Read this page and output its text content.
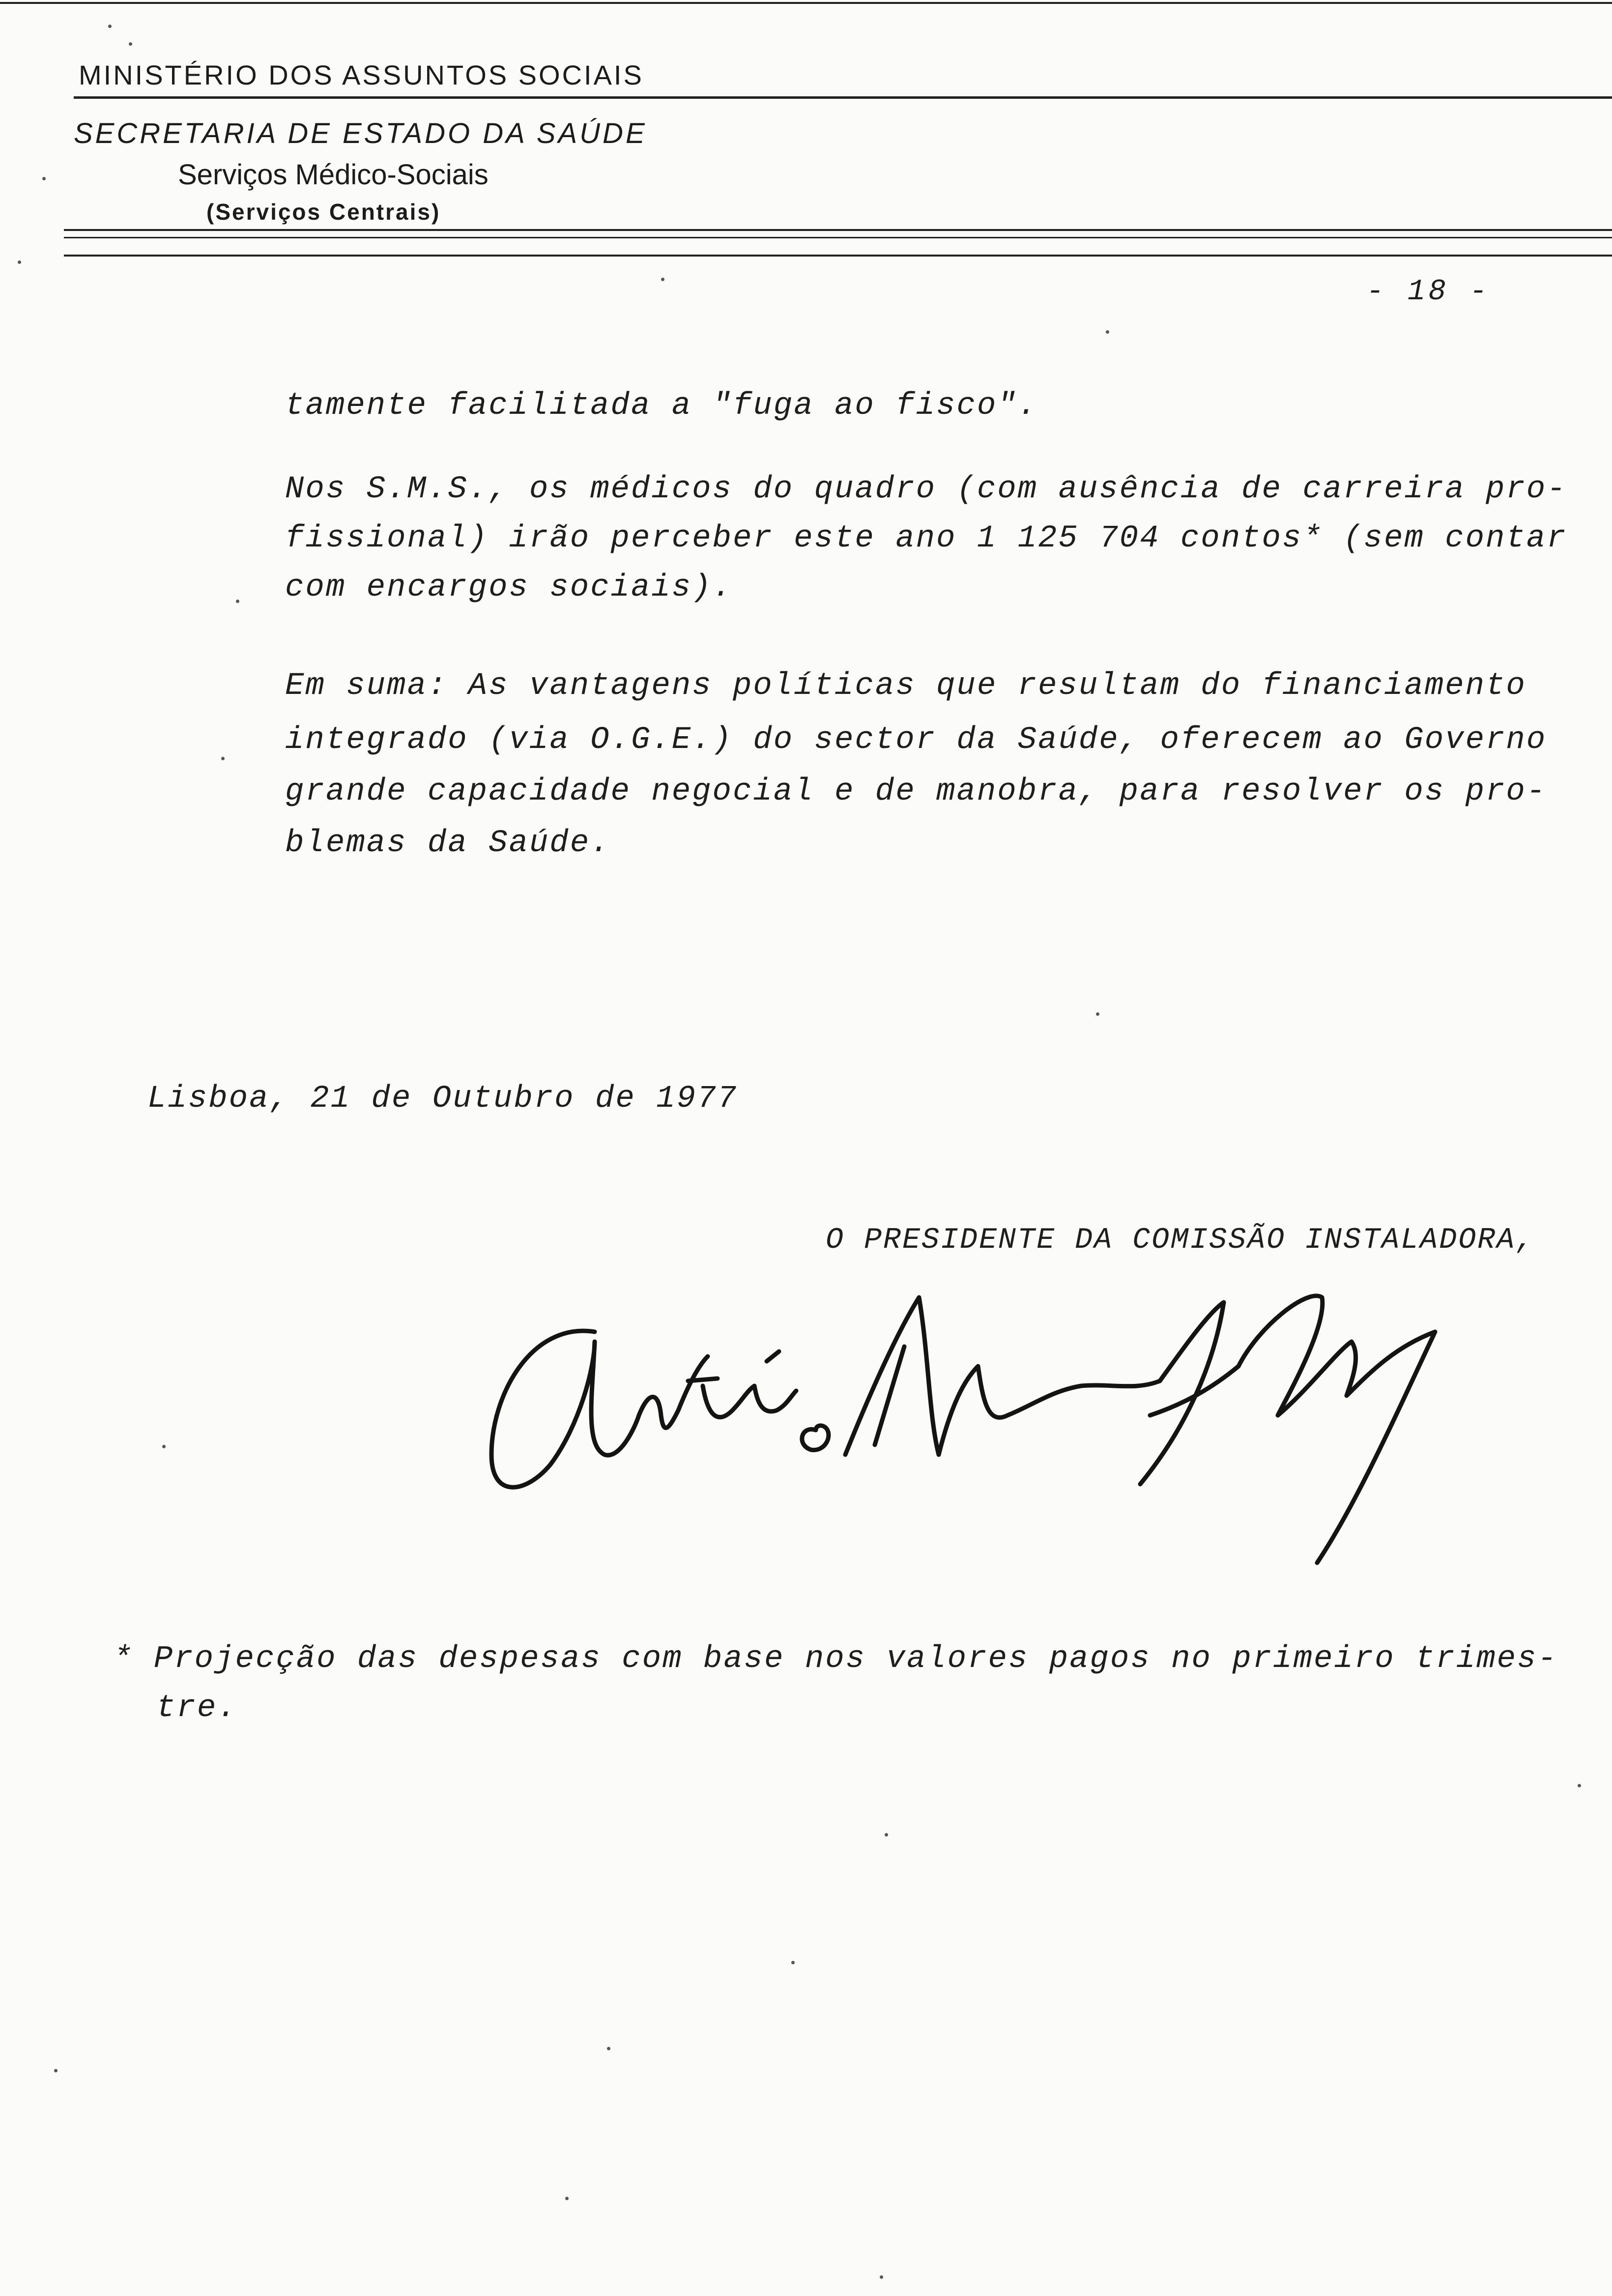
MINISTÉRIO DOS ASSUNTOS SOCIAIS
SECRETARIA DE ESTADO DA SAÚDE
Serviços Médico-Sociais
(Serviços Centrais)
- 18 -
tamente facilitada a "fuga ao fisco".
Nos S.M.S., os médicos do quadro (com ausência de carreira pro-
fissional) irão perceber este ano 1 125 704 contos* (sem contar
com encargos sociais).
Em suma: As vantagens políticas que resultam do financiamento
integrado (via O.G.E.) do sector da Saúde, oferecem ao Governo
grande capacidade negocial e de manobra, para resolver os pro-
blemas da Saúde.
Lisboa, 21 de Outubro de 1977
O PRESIDENTE DA COMISSÃO INSTALADORA,
* Projecção das despesas com base nos valores pagos no primeiro trimes-
tre.
